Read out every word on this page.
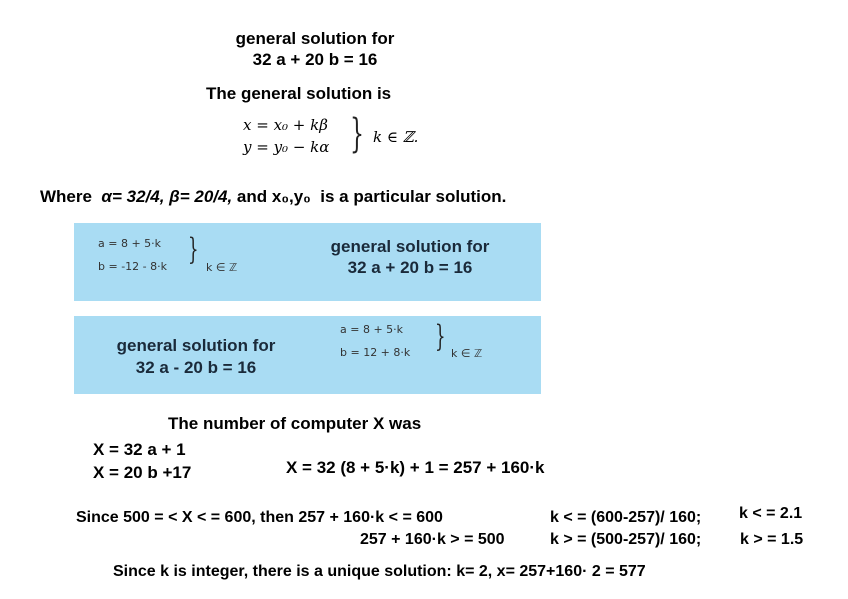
general solution for
32 a + 20 b = 16
The general solution is
x = x₀ + kβ
y = y₀ − kα } k ∈ ℤ.
Where α= 32/4, β= 20/4, and x₀,y₀ is a particular solution.
a = 8 + 5·k
b = -12 - 8·k }
k ∈ ℤ
general solution for
32 a + 20 b = 16
general solution for
32 a - 20 b = 16
a = 8 + 5·k
b = 12 + 8·k } k ∈ ℤ
The number of computer X was
X = 32 a + 1
X = 20 b +17	X = 32 (8 + 5·k) + 1 = 257 + 160·k
Since 500 = < X < = 600, then 257 + 160·k < = 600	k < = (600-257)/ 160; k < = 2.1
257 + 160·k > = 500	k > = (500-257)/ 160; k > = 1.5
Since k is integer, there is a unique solution: k= 2, x= 257+160· 2 = 577
